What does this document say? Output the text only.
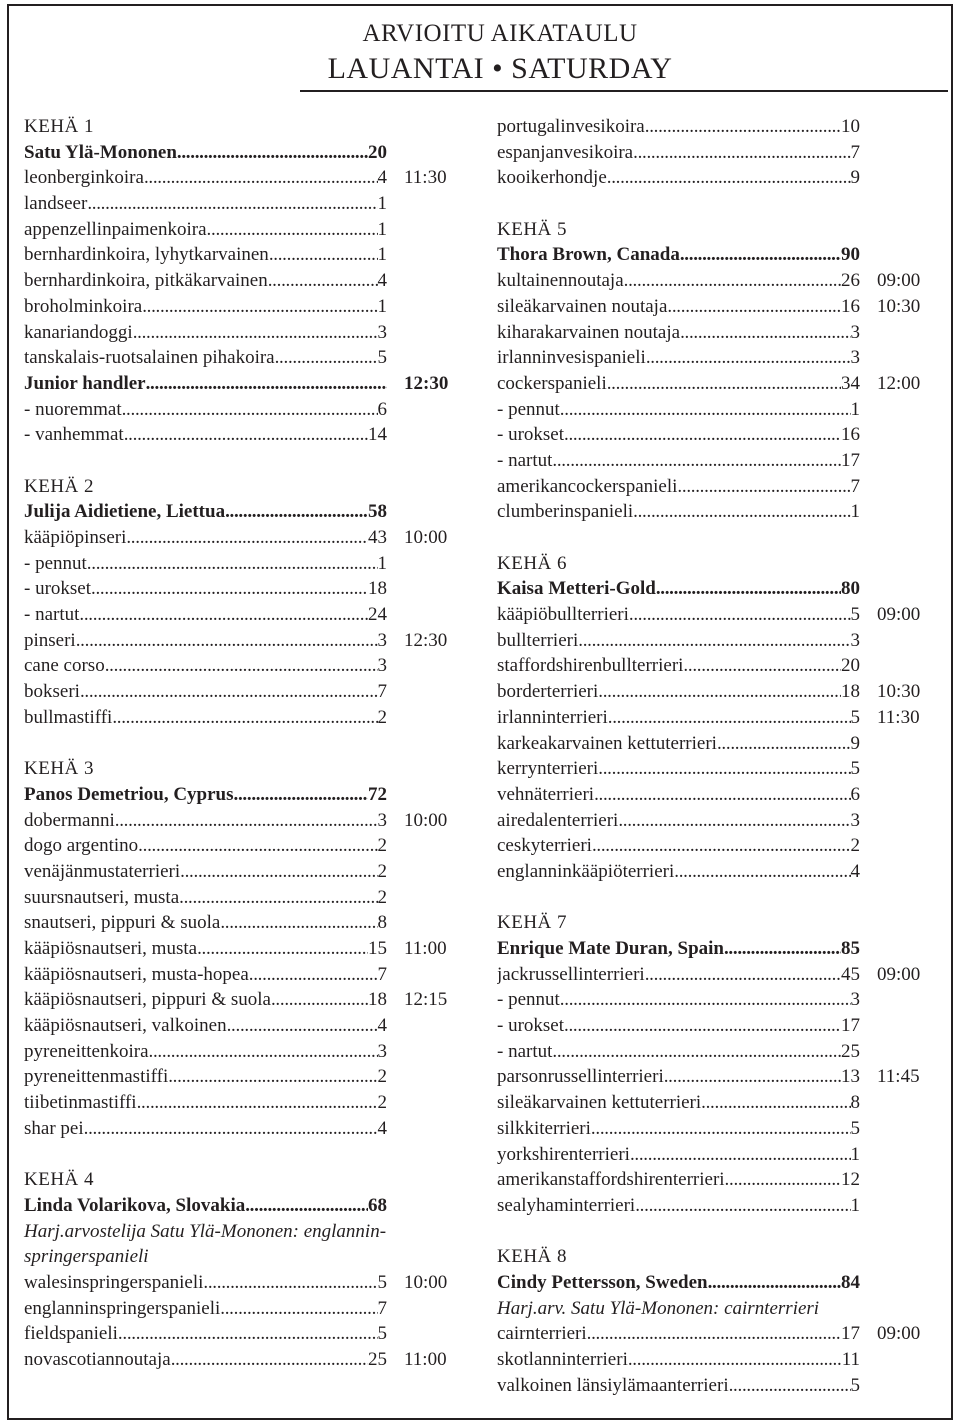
ARVIOITU AIKATAULU
LAUANTAI • SATURDAY
KEHÄ 1
Satu Ylä-Mononen .....	20
leonberginkoira .....	4 11:30
landseer .....	1
appenzellinpaimenkoira .....	1
bernhardinkoira, lyhytkarvainen .....	1
bernhardinkoira, pitkäkarvainen .....	4
broholminkoira .....	1
kanariandoggi .....	3
tanskalais-ruotsalainen pihakoira .....	5
Junior handler .....	12:30
- nuoremmat .....	6
- vanhemmat .....	14
KEHÄ 2
Julija Aidietiene, Liettua .....	58
kääpiöpinseri .....	43 10:00
- pennut .....	1
- urokset .....	18
- nartut .....	24
pinseri .....	3 12:30
cane corso .....	3
bokseri .....	7
bullmastiffi .....	2
KEHÄ 3
Panos Demetriou, Cyprus .....	72
dobermanni .....	3 10:00
dogo argentino .....	2
venäjänmustaterrieri .....	2
suursnautseri, musta .....	2
snautseri, pippuri & suola .....	8
kääpiösnautseri, musta .....	15 11:00
kääpiösnautseri, musta-hopea .....	7
kääpiösnautseri, pippuri & suola .....	18 12:15
kääpiösnautseri, valkoinen .....	4
pyreneittenkoira .....	3
pyreneittenmastiffi .....	2
tiibetinmastiffi .....	2
shar pei .....	4
KEHÄ 4
Linda Volarikova, Slovakia .....	68
Harj.arvostelija Satu Ylä-Mononen: englannin-
springerspanieli
walesinspringerspanieli .....	5 10:00
englanninspringerspanieli .....	7
fieldspanieli .....	5
novascotiannoutaja .....	25 11:00
portugalinvesikoira .....	10
espanjanvesikoira .....	7
kooikerhondje .....	9
KEHÄ 5
Thora Brown, Canada .....	90
kultainennoutaja .....	26 09:00
sileäkarvainen noutaja .....	16 10:30
kiharakarvainen noutaja .....	3
irlanninvesispanieli .....	3
cockerspanieli .....	34 12:00
- pennut .....	1
- urokset .....	16
- nartut .....	17
amerikancockerspanieli .....	7
clumberinspanieli .....	1
KEHÄ 6
Kaisa Metteri-Gold .....	80
kääpiöbullterrieri .....	5 09:00
bullterrieri .....	3
staffordshirenbullterrieri .....	20
borderterrieri .....	18 10:30
irlanninterrieri .....	5 11:30
karkeakarvainen kettuterrieri .....	9
kerrynterrieri .....	5
vehnäterrieri .....	6
airedalenterrieri .....	3
ceskyterrieri .....	2
englanninkääpiöterrieri .....	4
KEHÄ 7
Enrique Mate Duran, Spain .....	85
jackrussellinterrieri .....	45 09:00
- pennut .....	3
- urokset .....	17
- nartut .....	25
parsonrussellinterrieri .....	13 11:45
sileäkarvainen kettuterrieri .....	8
silkkiterrieri .....	5
yorkshirenterrieri .....	1
amerikanstaffordshirenterrieri .....	12
sealyhaminterrieri .....	1
KEHÄ 8
Cindy Pettersson, Sweden .....	84
Harj.arv. Satu Ylä-Mononen: cairnterrieri
cairnterrieri .....	17 09:00
skotlanninterrieri .....	11
valkoinen länsiylämaanterrieri .....	5
